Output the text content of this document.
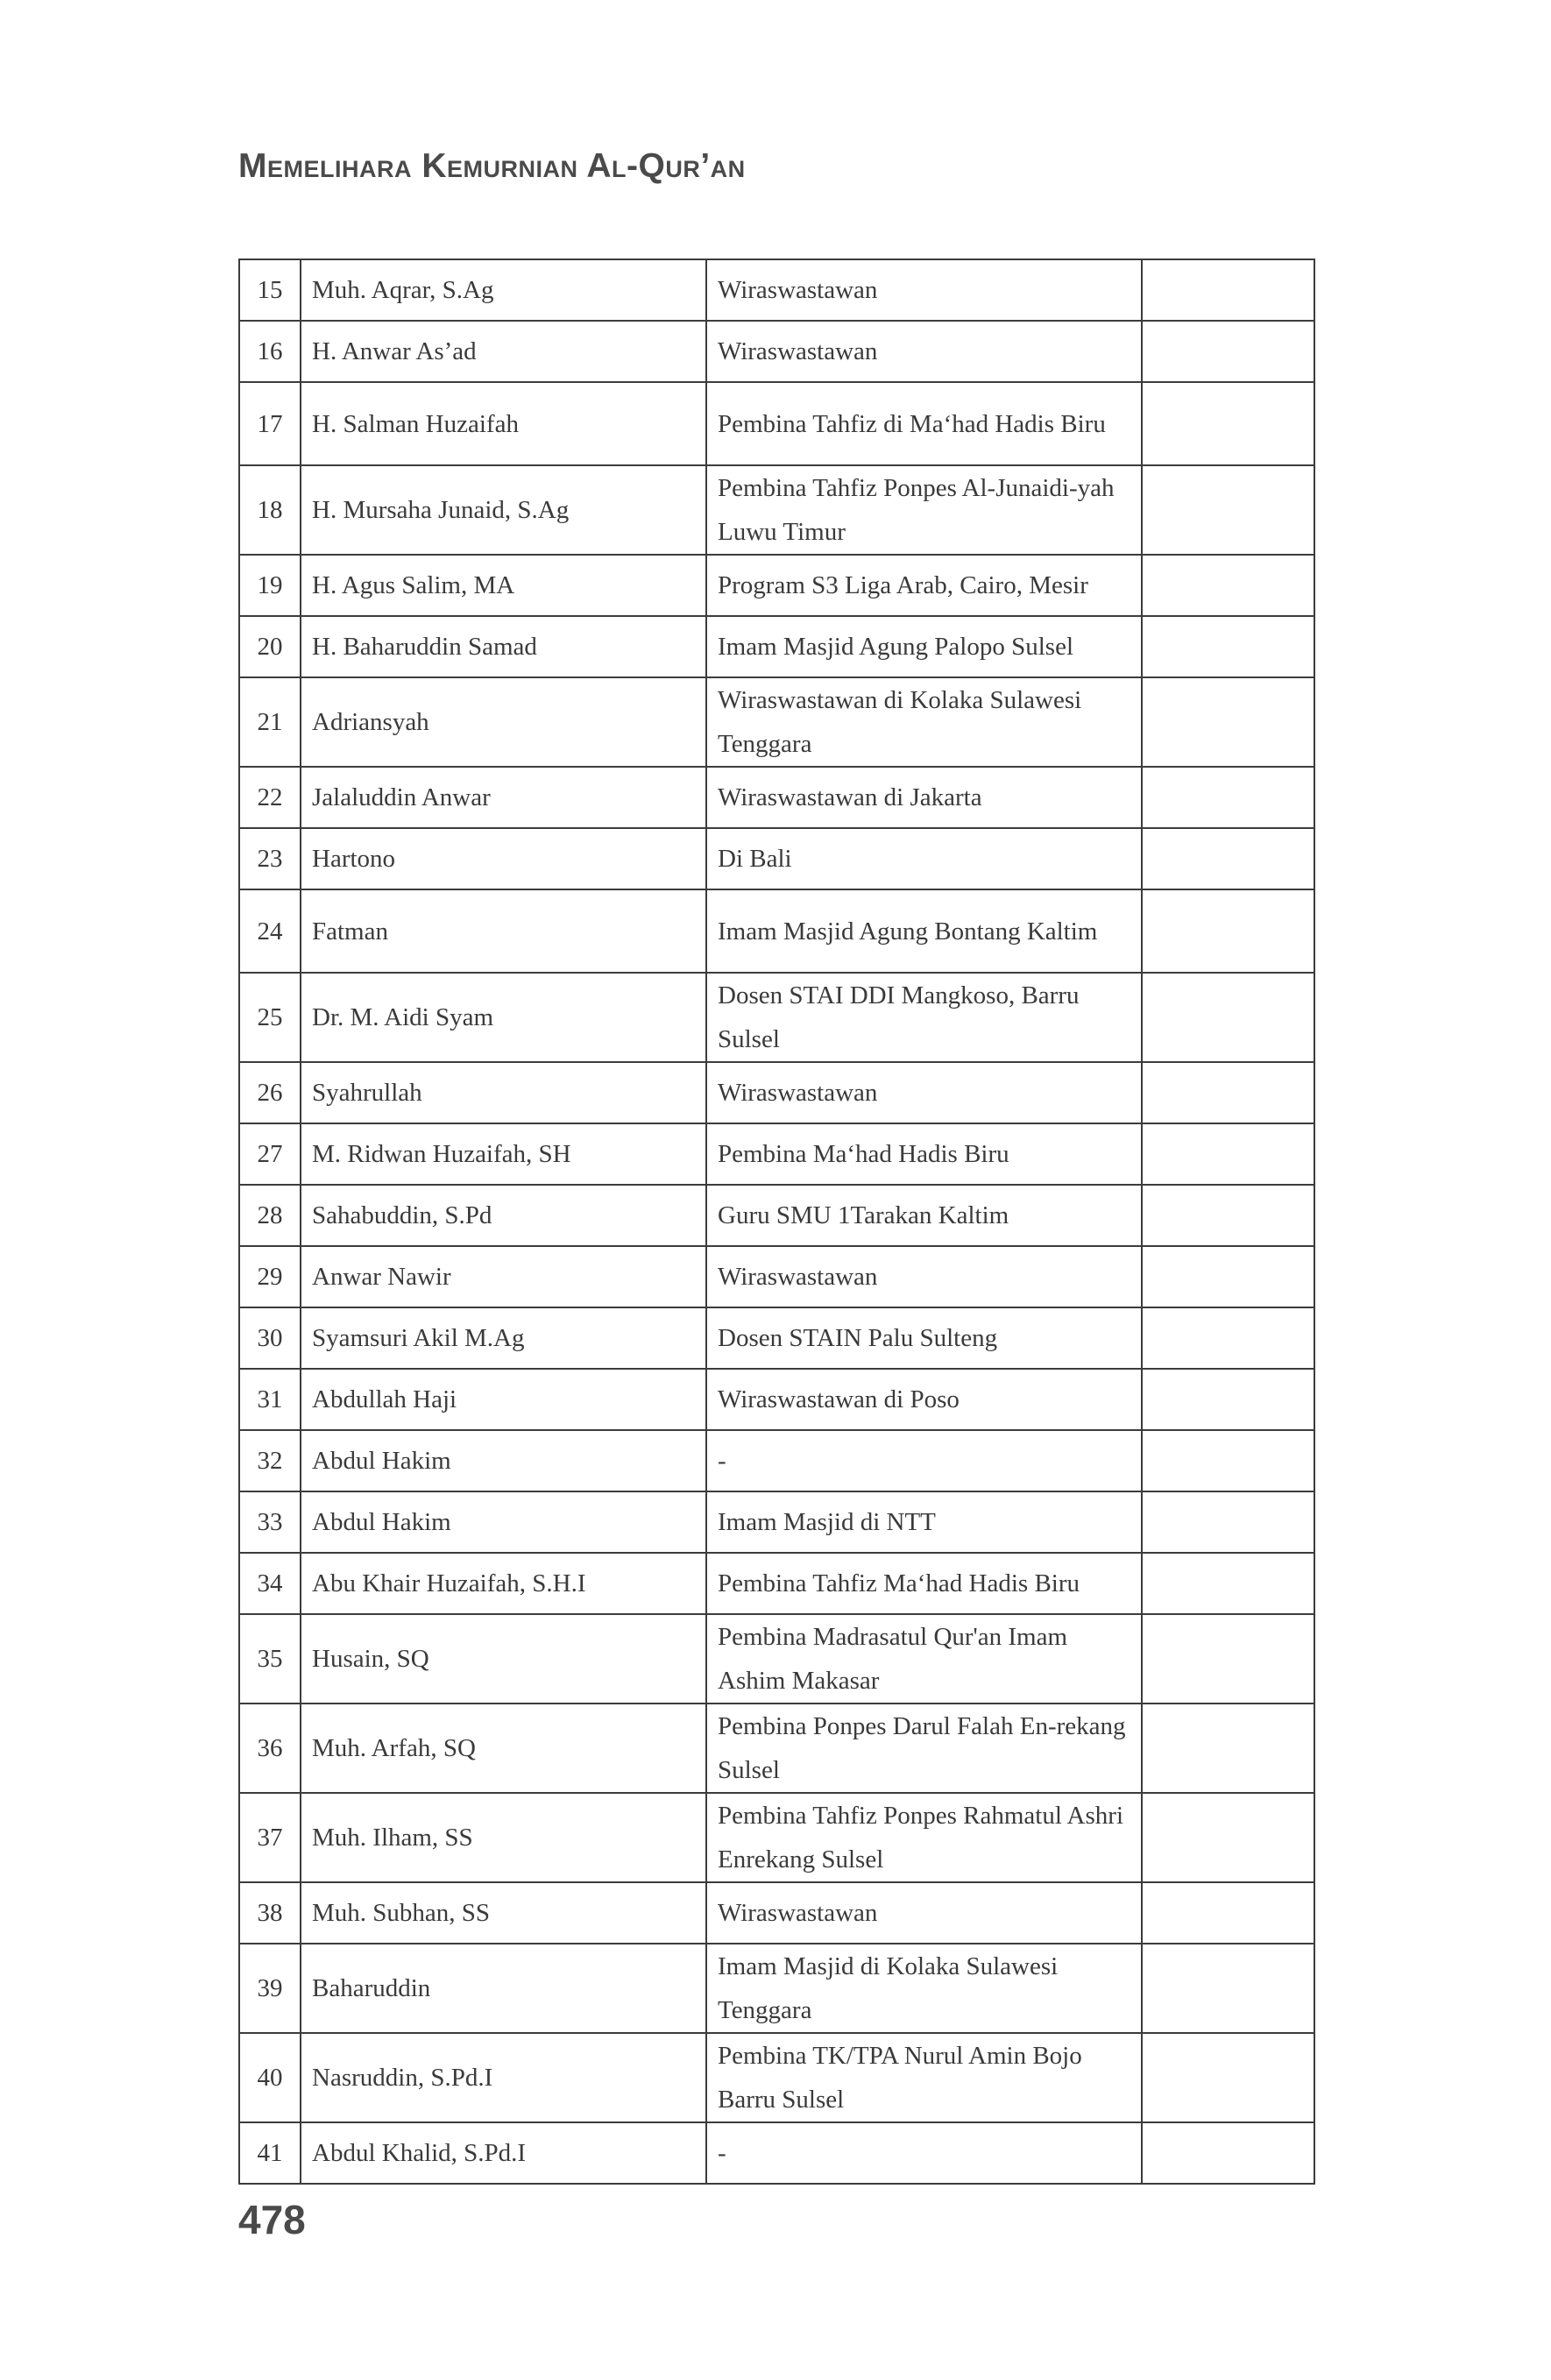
Memelihara Kemurnian Al-Qur’an
15	Muh. Aqrar, S.Ag	Wiraswastawan	
16	H. Anwar As’ad	Wiraswastawan	
17	H. Salman Huzaifah	Pembina Tahfiz di Ma‘had Hadis Biru	
18	H. Mursaha Junaid, S.Ag	Pembina Tahfiz Ponpes Al-Junaidi-yah Luwu Timur	
19	H. Agus Salim, MA	Program S3 Liga Arab, Cairo, Mesir	
20	H. Baharuddin Samad	Imam Masjid Agung Palopo Sulsel	
21	Adriansyah	Wiraswastawan di Kolaka Sulawesi Tenggara	
22	Jalaluddin Anwar	Wiraswastawan di Jakarta	
23	Hartono	Di Bali	
24	Fatman	Imam Masjid Agung Bontang Kaltim	
25	Dr. M. Aidi Syam	Dosen STAI DDI Mangkoso, Barru Sulsel	
26	Syahrullah	Wiraswastawan	
27	M. Ridwan Huzaifah, SH	Pembina Ma‘had Hadis Biru	
28	Sahabuddin, S.Pd	Guru SMU 1Tarakan Kaltim	
29	Anwar Nawir	Wiraswastawan	
30	Syamsuri Akil M.Ag	Dosen STAIN Palu Sulteng	
31	Abdullah Haji	Wiraswastawan di Poso	
32	Abdul Hakim	-	
33	Abdul Hakim	Imam Masjid di NTT	
34	Abu Khair Huzaifah, S.H.I	Pembina Tahfiz Ma‘had Hadis Biru	
35	Husain, SQ	Pembina Madrasatul Qur'an Imam Ashim Makasar	
36	Muh. Arfah, SQ	Pembina Ponpes Darul Falah En-rekang Sulsel	
37	Muh. Ilham, SS	Pembina Tahfiz Ponpes Rahmatul Ashri Enrekang Sulsel	
38	Muh. Subhan, SS	Wiraswastawan	
39	Baharuddin	Imam Masjid di Kolaka Sulawesi Tenggara	
40	Nasruddin, S.Pd.I	Pembina TK/TPA Nurul Amin Bojo Barru Sulsel	
41	Abdul Khalid, S.Pd.I	-	
478
